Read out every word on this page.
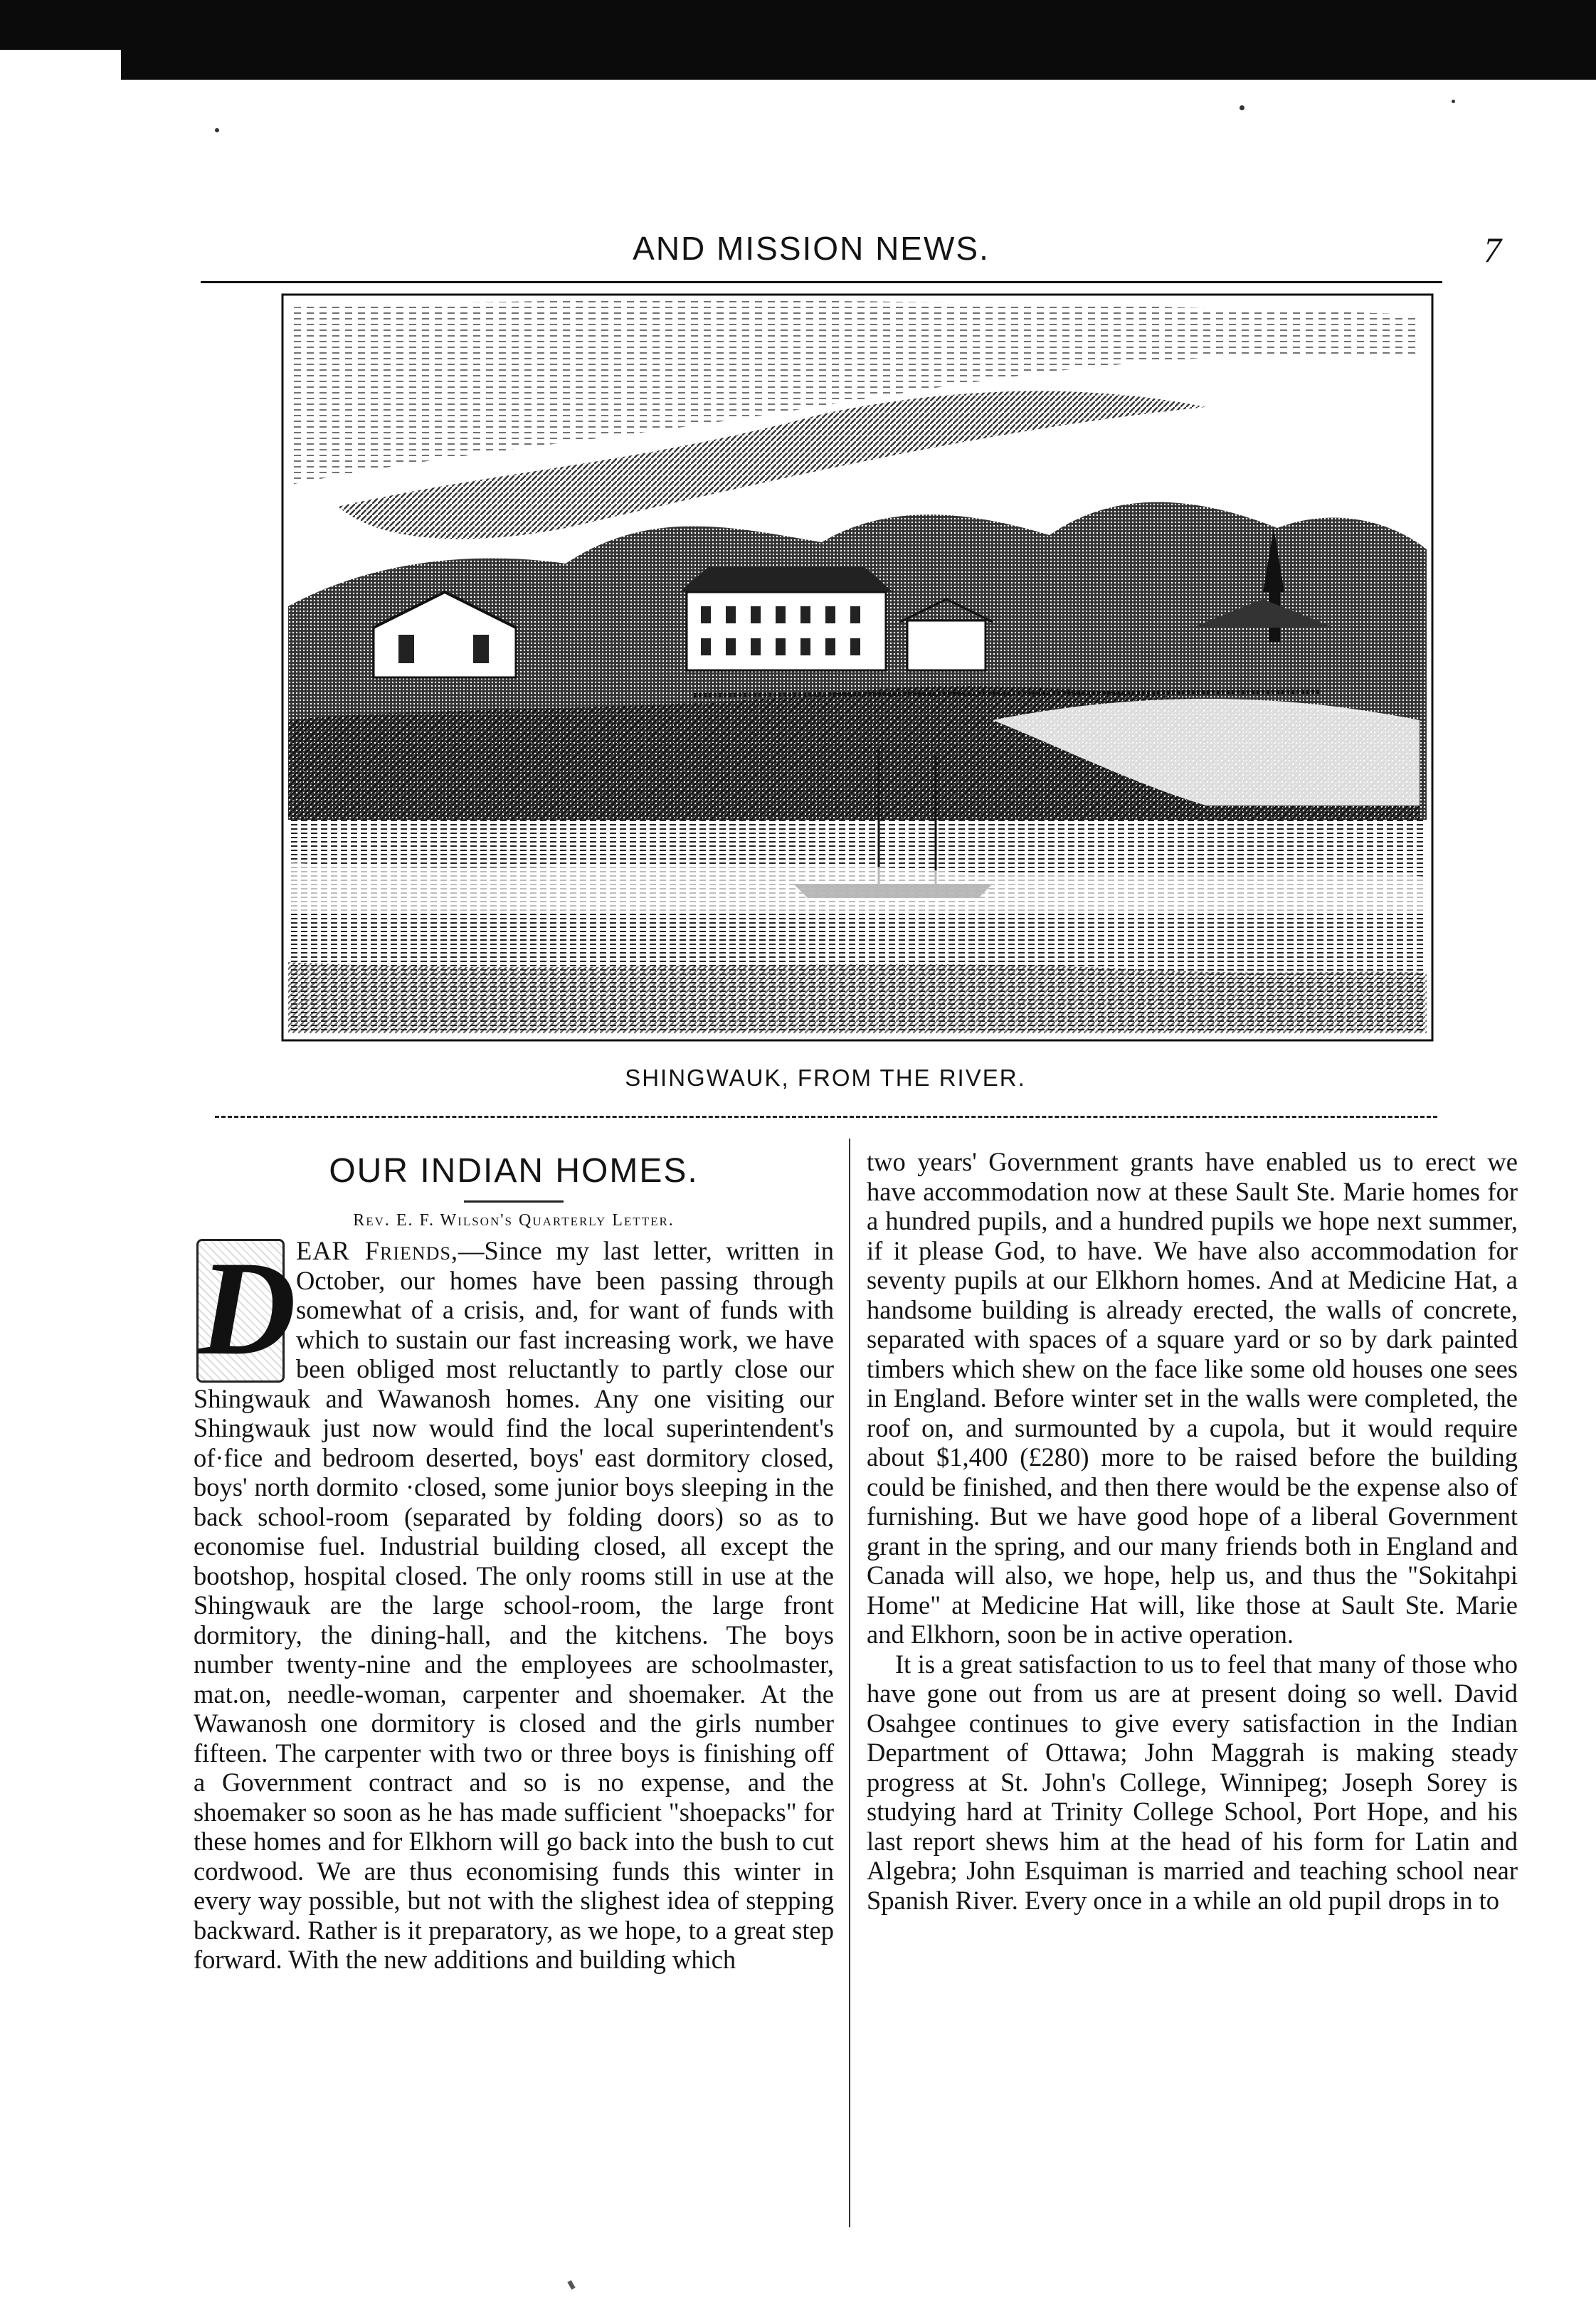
AND MISSION NEWS.	7
SHINGWAUK, FROM THE RIVER.
OUR INDIAN HOMES.
Rev. E. F. Wilson's Quarterly Letter.

D EAR Friends,—Since my last letter, written in October, our homes have been passing through somewhat of a crisis, and, for want of funds with which to sustain our fast increasing work, we have been obliged most reluctantly to partly close our Shingwauk and Wawanosh homes. Any one visiting our Shingwauk just now would find the local superintendent's of·fice and bedroom deserted, boys' east dormitory closed, boys' north dormito ·closed, some junior boys sleeping in the back school-room (separated by folding doors) so as to economise fuel. Industrial building closed, all except the bootshop, hospital closed. The only rooms still in use at the Shingwauk are the large school-room, the large front dormitory, the dining-hall, and the kitchens. The boys number twenty-nine and the employees are schoolmaster, mat.on, needle-woman, carpenter and shoemaker. At the Wawanosh one dormitory is closed and the girls number fifteen. The carpenter with two or three boys is finishing off a Government contract and so is no expense, and the shoemaker so soon as he has made sufficient "shoepacks" for these homes and for Elkhorn will go back into the bush to cut cordwood. We are thus economising funds this winter in every way possible, but not with the slighest idea of stepping backward. Rather is it preparatory, as we hope, to a great step forward. With the new additions and building which

two years' Government grants have enabled us to erect we have accommodation now at these Sault Ste. Marie homes for a hundred pupils, and a hundred pupils we hope next summer, if it please God, to have. We have also accommodation for seventy pupils at our Elkhorn homes. And at Medicine Hat, a handsome building is already erected, the walls of concrete, separated with spaces of a square yard or so by dark painted timbers which shew on the face like some old houses one sees in England. Before winter set in the walls were completed, the roof on, and surmounted by a cupola, but it would require about $1,400 (£280) more to be raised before the building could be finished, and then there would be the expense also of furnishing. But we have good hope of a liberal Government grant in the spring, and our many friends both in England and Canada will also, we hope, help us, and thus the "Sokitahpi Home" at Medicine Hat will, like those at Sault Ste. Marie and Elkhorn, soon be in active operation.

It is a great satisfaction to us to feel that many of those who have gone out from us are at present doing so well. David Osahgee continues to give every satisfaction in the Indian Department of Ottawa; John Maggrah is making steady progress at St. John's College, Winnipeg; Joseph Sorey is studying hard at Trinity College School, Port Hope, and his last report shews him at the head of his form for Latin and Algebra; John Esquiman is married and teaching school near Spanish River. Every once in a while an old pupil drops in to
